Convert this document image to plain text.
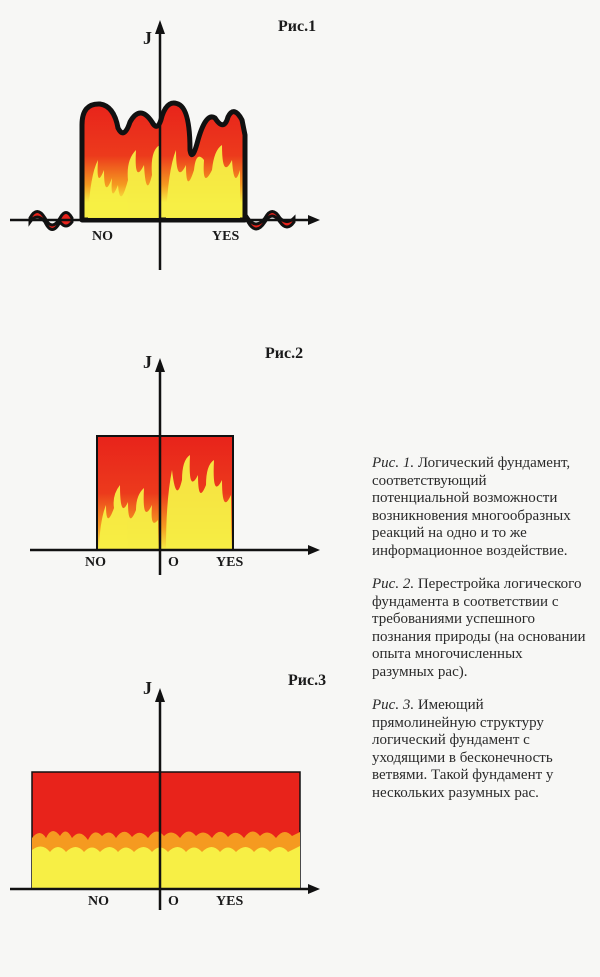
Рис.1
J
NO	YES
Рис.2
J
NO	O	YES
Рис.3
J
NO	O	YES

Рис. 1. Логический фундамент, соответствующий потенциальной возможности возникновения многообразных реакций на одно и то же информационное воздействие.

Рис. 2. Перестройка логического фундамента в соответствии с требованиями успешного познания природы (на основании опыта многочисленных разумных рас).

Рис. 3. Имеющий прямолинейную структуру логический фундамент с уходящими в бесконечность ветвями. Такой фундамент у нескольких разумных рас.
